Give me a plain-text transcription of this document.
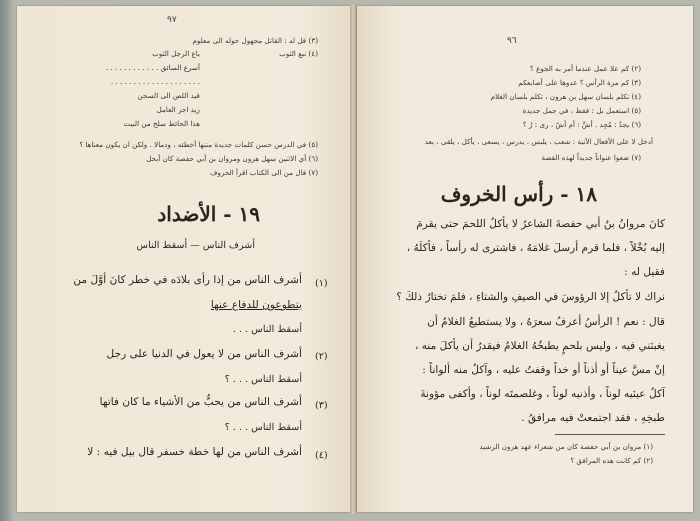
٩٧
(٣) قل له : القاتل مجهول حوله الى معلوم
(٤) نبع الثوب
باع الرجل الثوب
أسرع السائق . . . . . . . . . . . .
. . . . . . . . . . . . . . . . . . . .
قيد اللص الى السجن
زيد اجر العامل
هذا الحائط سلخ من البيت
(٥) في الدرس حسن كلمات جديدة منتها أخطئه ، ودمالا . ولكن ان يكون معناها ؟
(٦) أي الاثنين سهل هرون ومروان بن أبي حفصة كان أبخل
(٧) قال من الى الكتاب اقرأ الحروف
١٩ - الأضداد
أشرف الناس — أسقط الناس
(١)
أشرف الناس من إذا رأى بلادَه في خطر كانَ أوَّلَ من
يتطوعون للدفاع عنها
أسقط الناس . . .
(٢)
أشرف الناس من لا يعول في الدنيا على رجل
أسقط الناس . . . ؟
(٣)
أشرف الناس من يحبُّ من الأشياء ما كان فاتها
أسقط الناس . . . ؟
(٤)
أشرف الناس من لها خطة خسفر قال بيل فيه : لا
٩٦
(٢) كم علا عمل عندما أمر به الجوع ؟
(٣) كم مرة الرأس ؟ عدوها على أصابعكم
(٤) تكلم بلسان سهل بن هرون ، تكلم بلسان الغلام
(٥) استعمل بل : فقط ، في جمل جديدة
(٦) يجدُ : مُجِد . أشِّ : أم أشّ ، رى : رُ ؟
أدخل لا على الأفعال الآتية : شعب ، يلبس ، يدرس ، يسعى ، يأكل ، يلقى ، بعد
(٧) ضعوا عنواناً جديداً لهذه القصة
١٨ - رأس الخروف
كانَ مروانُ بنُ أبي حفصةَ الشاعرُ لا يأكلُ اللحمَ حتى يقرمَ
إليه بُخْلاً ، فلما قرم أرسلَ غلامَهُ ، فاشترى له رأساً ، فأكلَهُ ،
فقيل له :
نراك لا تأكلُ إلا الرؤوسَ في الصيفِ والشتاءِ ، فلمَ تختارُ ذلكَ ؟
قال : نعم ! الرأسُ أعرفُ سعرَهُ ، ولا يستطيعُ الغلامُ أن
يغبنَني فيه ، وليس بلحمٍ يطبخُهُ الغلامُ فيقدرُ أن يأكلَ منه ،
إنْ مسَّ عيناً أو أذناً أو خداً وقفتُ عليه ، وآكلُ منه ألواناً :
آكلُ عينَيه لوناً ، وأذنيه لوناً ، وغلصمتَه لوناً ، وأكفى مؤونةَ
طبخِهِ ، فقد اجتمعتْ فيه مرافقُ .
(١) مروان بن أبي حفصة كان من شعراء عهد هرون الرشيد
(٢) كم كانت هذه المرافق ؟
